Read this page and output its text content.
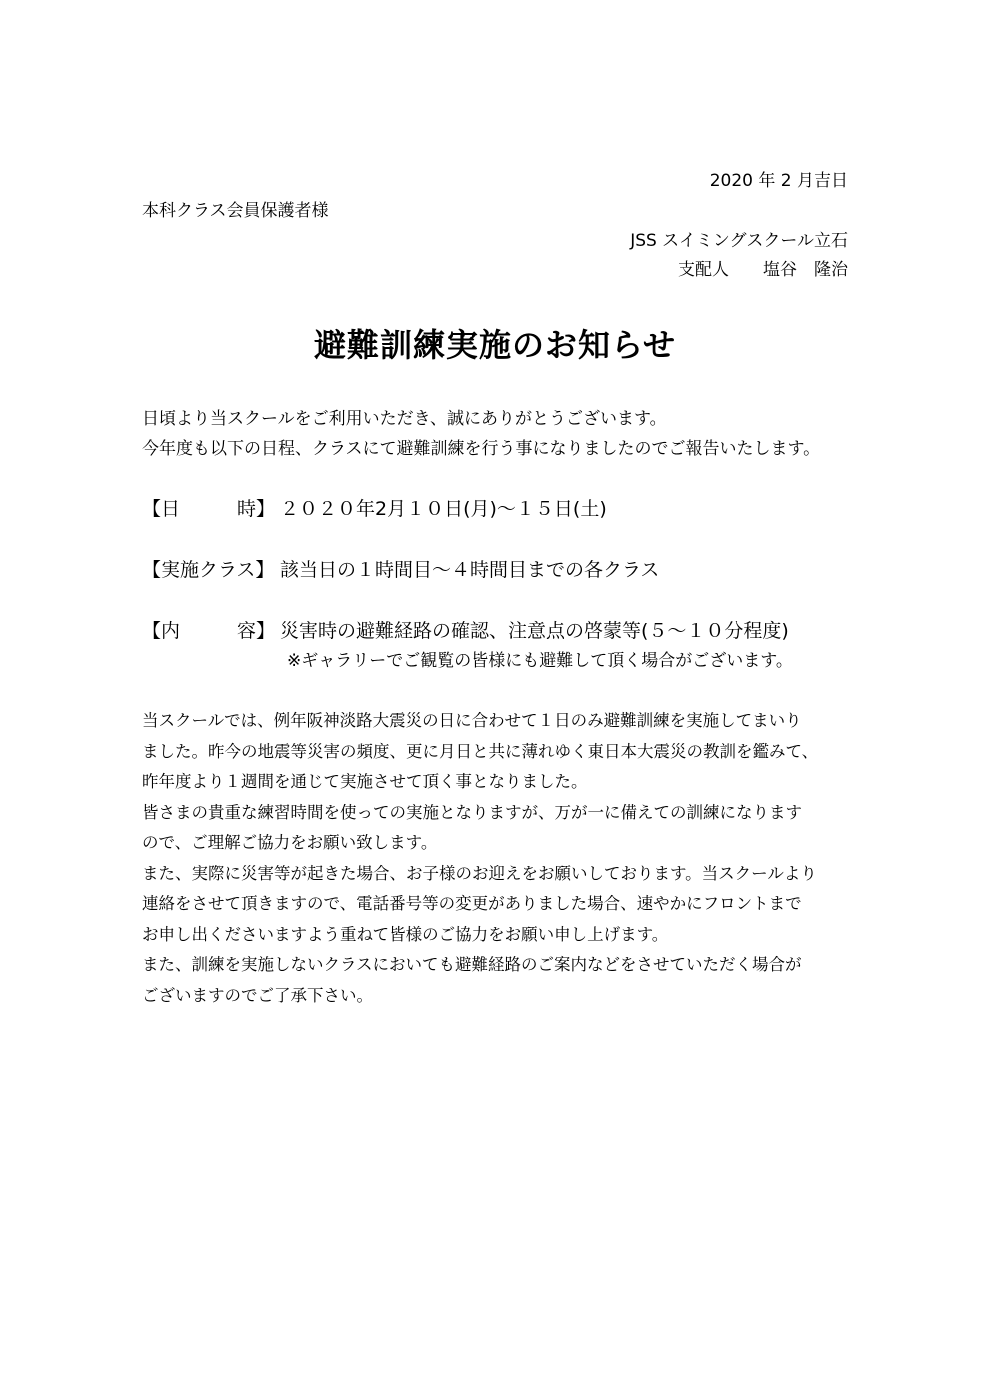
2020 年 2 月吉日

本科クラス会員保護者様

JSS スイミングスクール立石

支配人　　塩谷　隆治

避難訓練実施のお知らせ

日頃より当スクールをご利用いただき、誠にありがとうございます。

今年度も以下の日程、クラスにて避難訓練を行う事になりましたのでご報告いたします。

【日　　　時】 ２０２０年2月１０日(月)～１５日(土)
【実施クラス】 該当日の１時間目～４時間目までの各クラス
【内　　　容】 災害時の避難経路の確認、注意点の啓蒙等(５～１０分程度)
※ギャラリーでご観覧の皆様にも避難して頂く場合がございます。
当スクールでは、例年阪神淡路大震災の日に合わせて１日のみ避難訓練を実施してまいり
ました。昨今の地震等災害の頻度、更に月日と共に薄れゆく東日本大震災の教訓を鑑みて、
昨年度より１週間を通じて実施させて頂く事となりました。
皆さまの貴重な練習時間を使っての実施となりますが、万が一に備えての訓練になります
ので、ご理解ご協力をお願い致します。
また、実際に災害等が起きた場合、お子様のお迎えをお願いしております。当スクールより
連絡をさせて頂きますので、電話番号等の変更がありました場合、速やかにフロントまで
お申し出くださいますよう重ねて皆様のご協力をお願い申し上げます。
また、訓練を実施しないクラスにおいても避難経路のご案内などをさせていただく場合が
ございますのでご了承下さい。
